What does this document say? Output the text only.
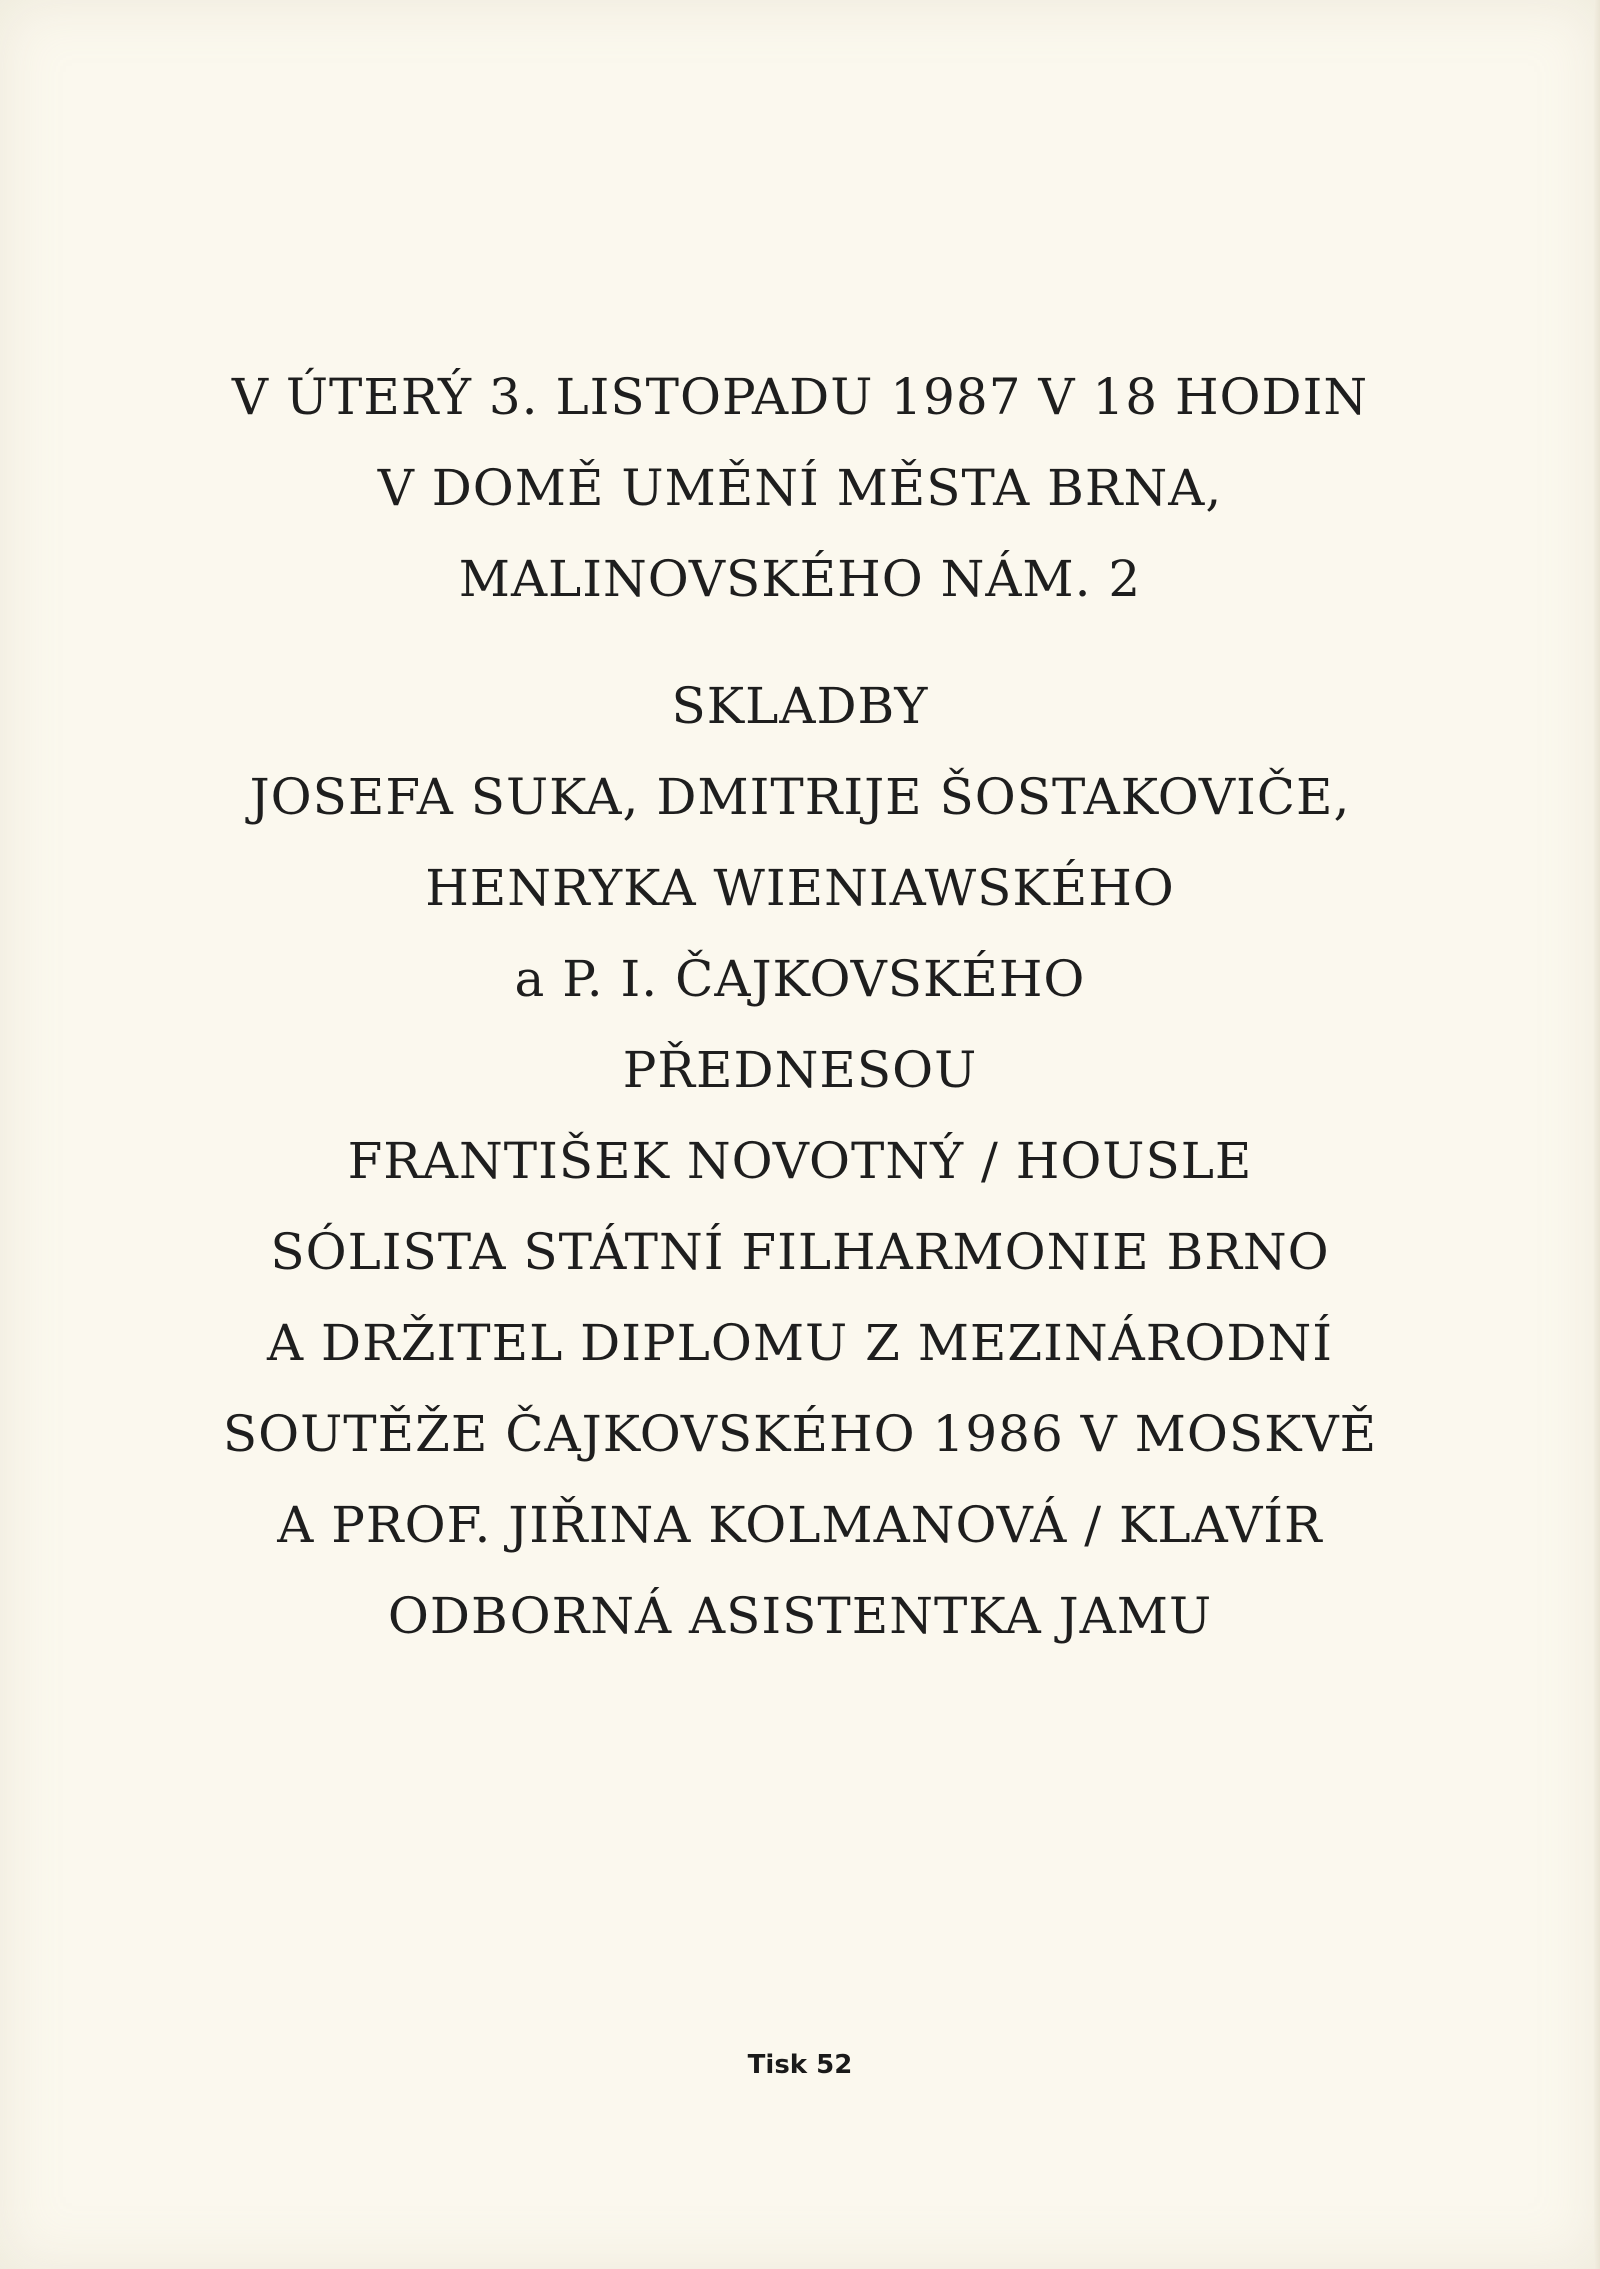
V ÚTERÝ 3. LISTOPADU 1987 V 18 HODIN
V DOMĚ UMĚNÍ MĚSTA BRNA,
MALINOVSKÉHO NÁM. 2
SKLADBY
JOSEFA SUKA, DMITRIJE ŠOSTAKOVIČE,
HENRYKA WIENIAWSKÉHO
a P. I. ČAJKOVSKÉHO
PŘEDNESOU
FRANTIŠEK NOVOTNÝ / HOUSLE
SÓLISTA STÁTNÍ FILHARMONIE BRNO
A DRŽITEL DIPLOMU Z MEZINÁRODNÍ
SOUTĚŽE ČAJKOVSKÉHO 1986 V MOSKVĚ
A PROF. JIŘINA KOLMANOVÁ / KLAVÍR
ODBORNÁ ASISTENTKA JAMU
Tisk 52
